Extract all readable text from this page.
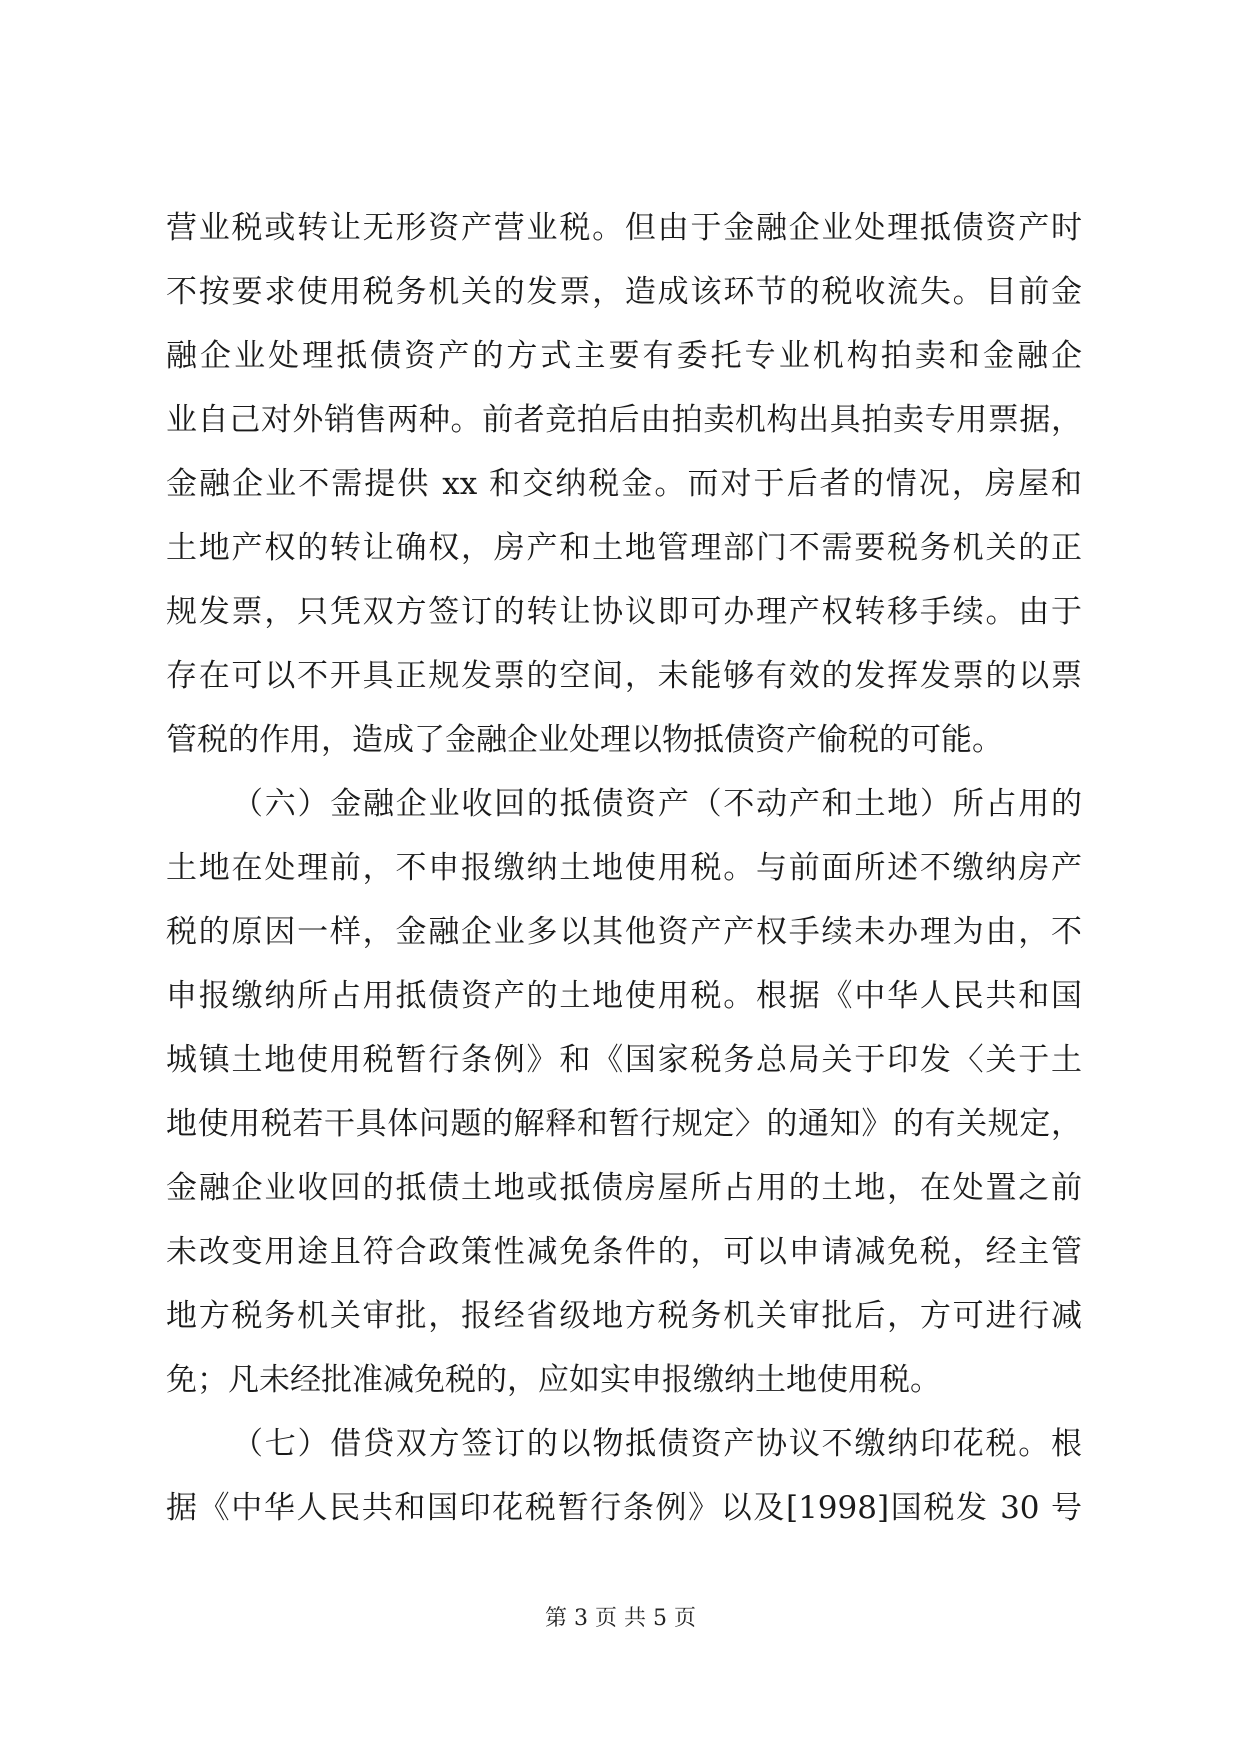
营业税或转让无形资产营业税。但由于金融企业处理抵债资产时
不按要求使用税务机关的发票，造成该环节的税收流失。目前金
融企业处理抵债资产的方式主要有委托专业机构拍卖和金融企
业自己对外销售两种。前者竞拍后由拍卖机构出具拍卖专用票据，
金融企业不需提供 xx 和交纳税金。而对于后者的情况，房屋和
土地产权的转让确权，房产和土地管理部门不需要税务机关的正
规发票，只凭双方签订的转让协议即可办理产权转移手续。由于
存在可以不开具正规发票的空间，未能够有效的发挥发票的以票
管税的作用，造成了金融企业处理以物抵债资产偷税的可能。
（六）金融企业收回的抵债资产（不动产和土地）所占用的
土地在处理前，不申报缴纳土地使用税。与前面所述不缴纳房产
税的原因一样，金融企业多以其他资产产权手续未办理为由，不
申报缴纳所占用抵债资产的土地使用税。根据《中华人民共和国
城镇土地使用税暂行条例》和《国家税务总局关于印发〈关于土
地使用税若干具体问题的解释和暂行规定〉的通知》的有关规定，
金融企业收回的抵债土地或抵债房屋所占用的土地，在处置之前
未改变用途且符合政策性减免条件的，可以申请减免税，经主管
地方税务机关审批，报经省级地方税务机关审批后，方可进行减
免；凡未经批准减免税的，应如实申报缴纳土地使用税。
（七）借贷双方签订的以物抵债资产协议不缴纳印花税。根
据《中华人民共和国印花税暂行条例》以及[1998]国税发 30 号
第 3 页 共 5 页
